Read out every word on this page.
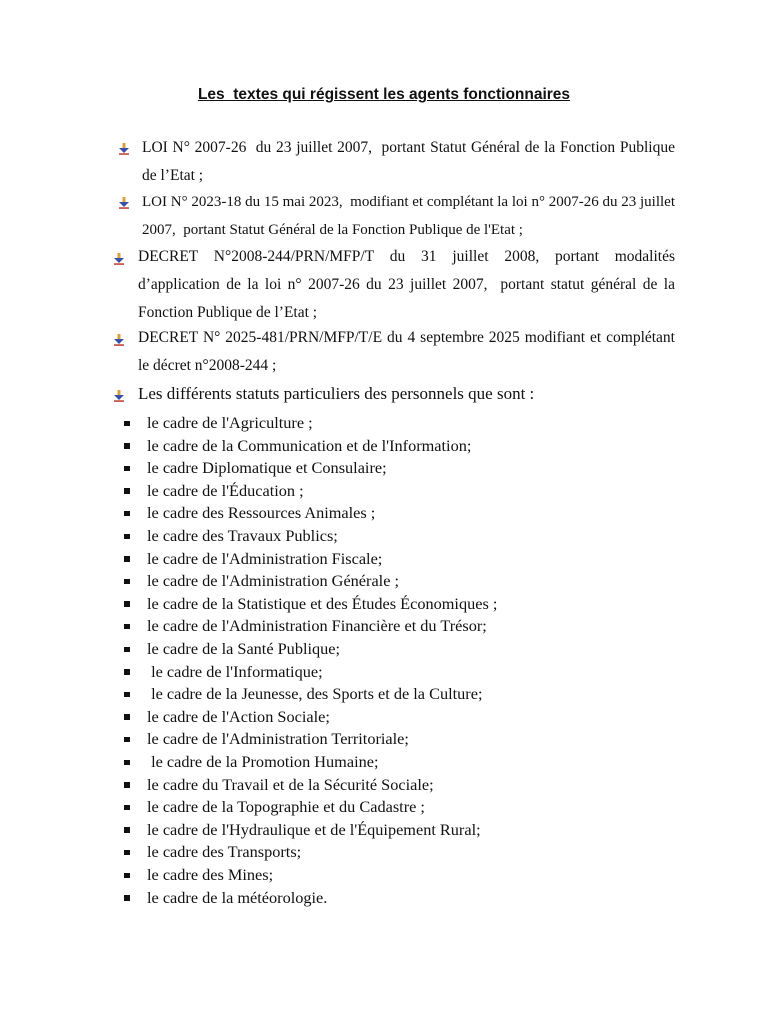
Les  textes qui régissent les agents fonctionnaires
LOI N° 2007-26  du 23 juillet 2007,  portant Statut Général de la Fonction Publique de l’Etat ;
LOI N° 2023-18 du 15 mai 2023,  modifiant et complétant la loi n° 2007-26 du 23 juillet 2007,  portant Statut Général de la Fonction Publique de l'Etat ;
DECRET N°2008-244/PRN/MFP/T du 31 juillet 2008, portant modalités d’application de la loi n° 2007-26 du 23 juillet 2007,  portant statut général de la Fonction Publique de l’Etat ;
DECRET N° 2025-481/PRN/MFP/T/E du 4 septembre 2025 modifiant et complétant le décret n°2008-244 ;
Les différents statuts particuliers des personnels que sont :
le cadre de l'Agriculture ;
le cadre de la Communication et de l'Information;
le cadre Diplomatique et Consulaire;
le cadre de l'Éducation ;
le cadre des Ressources Animales ;
le cadre des Travaux Publics;
le cadre de l'Administration Fiscale;
le cadre de l'Administration Générale ;
le cadre de la Statistique et des Études Économiques ;
le cadre de l'Administration Financière et du Trésor;
le cadre de la Santé Publique;
le cadre de l'Informatique;
le cadre de la Jeunesse, des Sports et de la Culture;
le cadre de l'Action Sociale;
le cadre de l'Administration Territoriale;
le cadre de la Promotion Humaine;
le cadre du Travail et de la Sécurité Sociale;
le cadre de la Topographie et du Cadastre ;
le cadre de l'Hydraulique et de l'Équipement Rural;
le cadre des Transports;
le cadre des Mines;
le cadre de la météorologie.
